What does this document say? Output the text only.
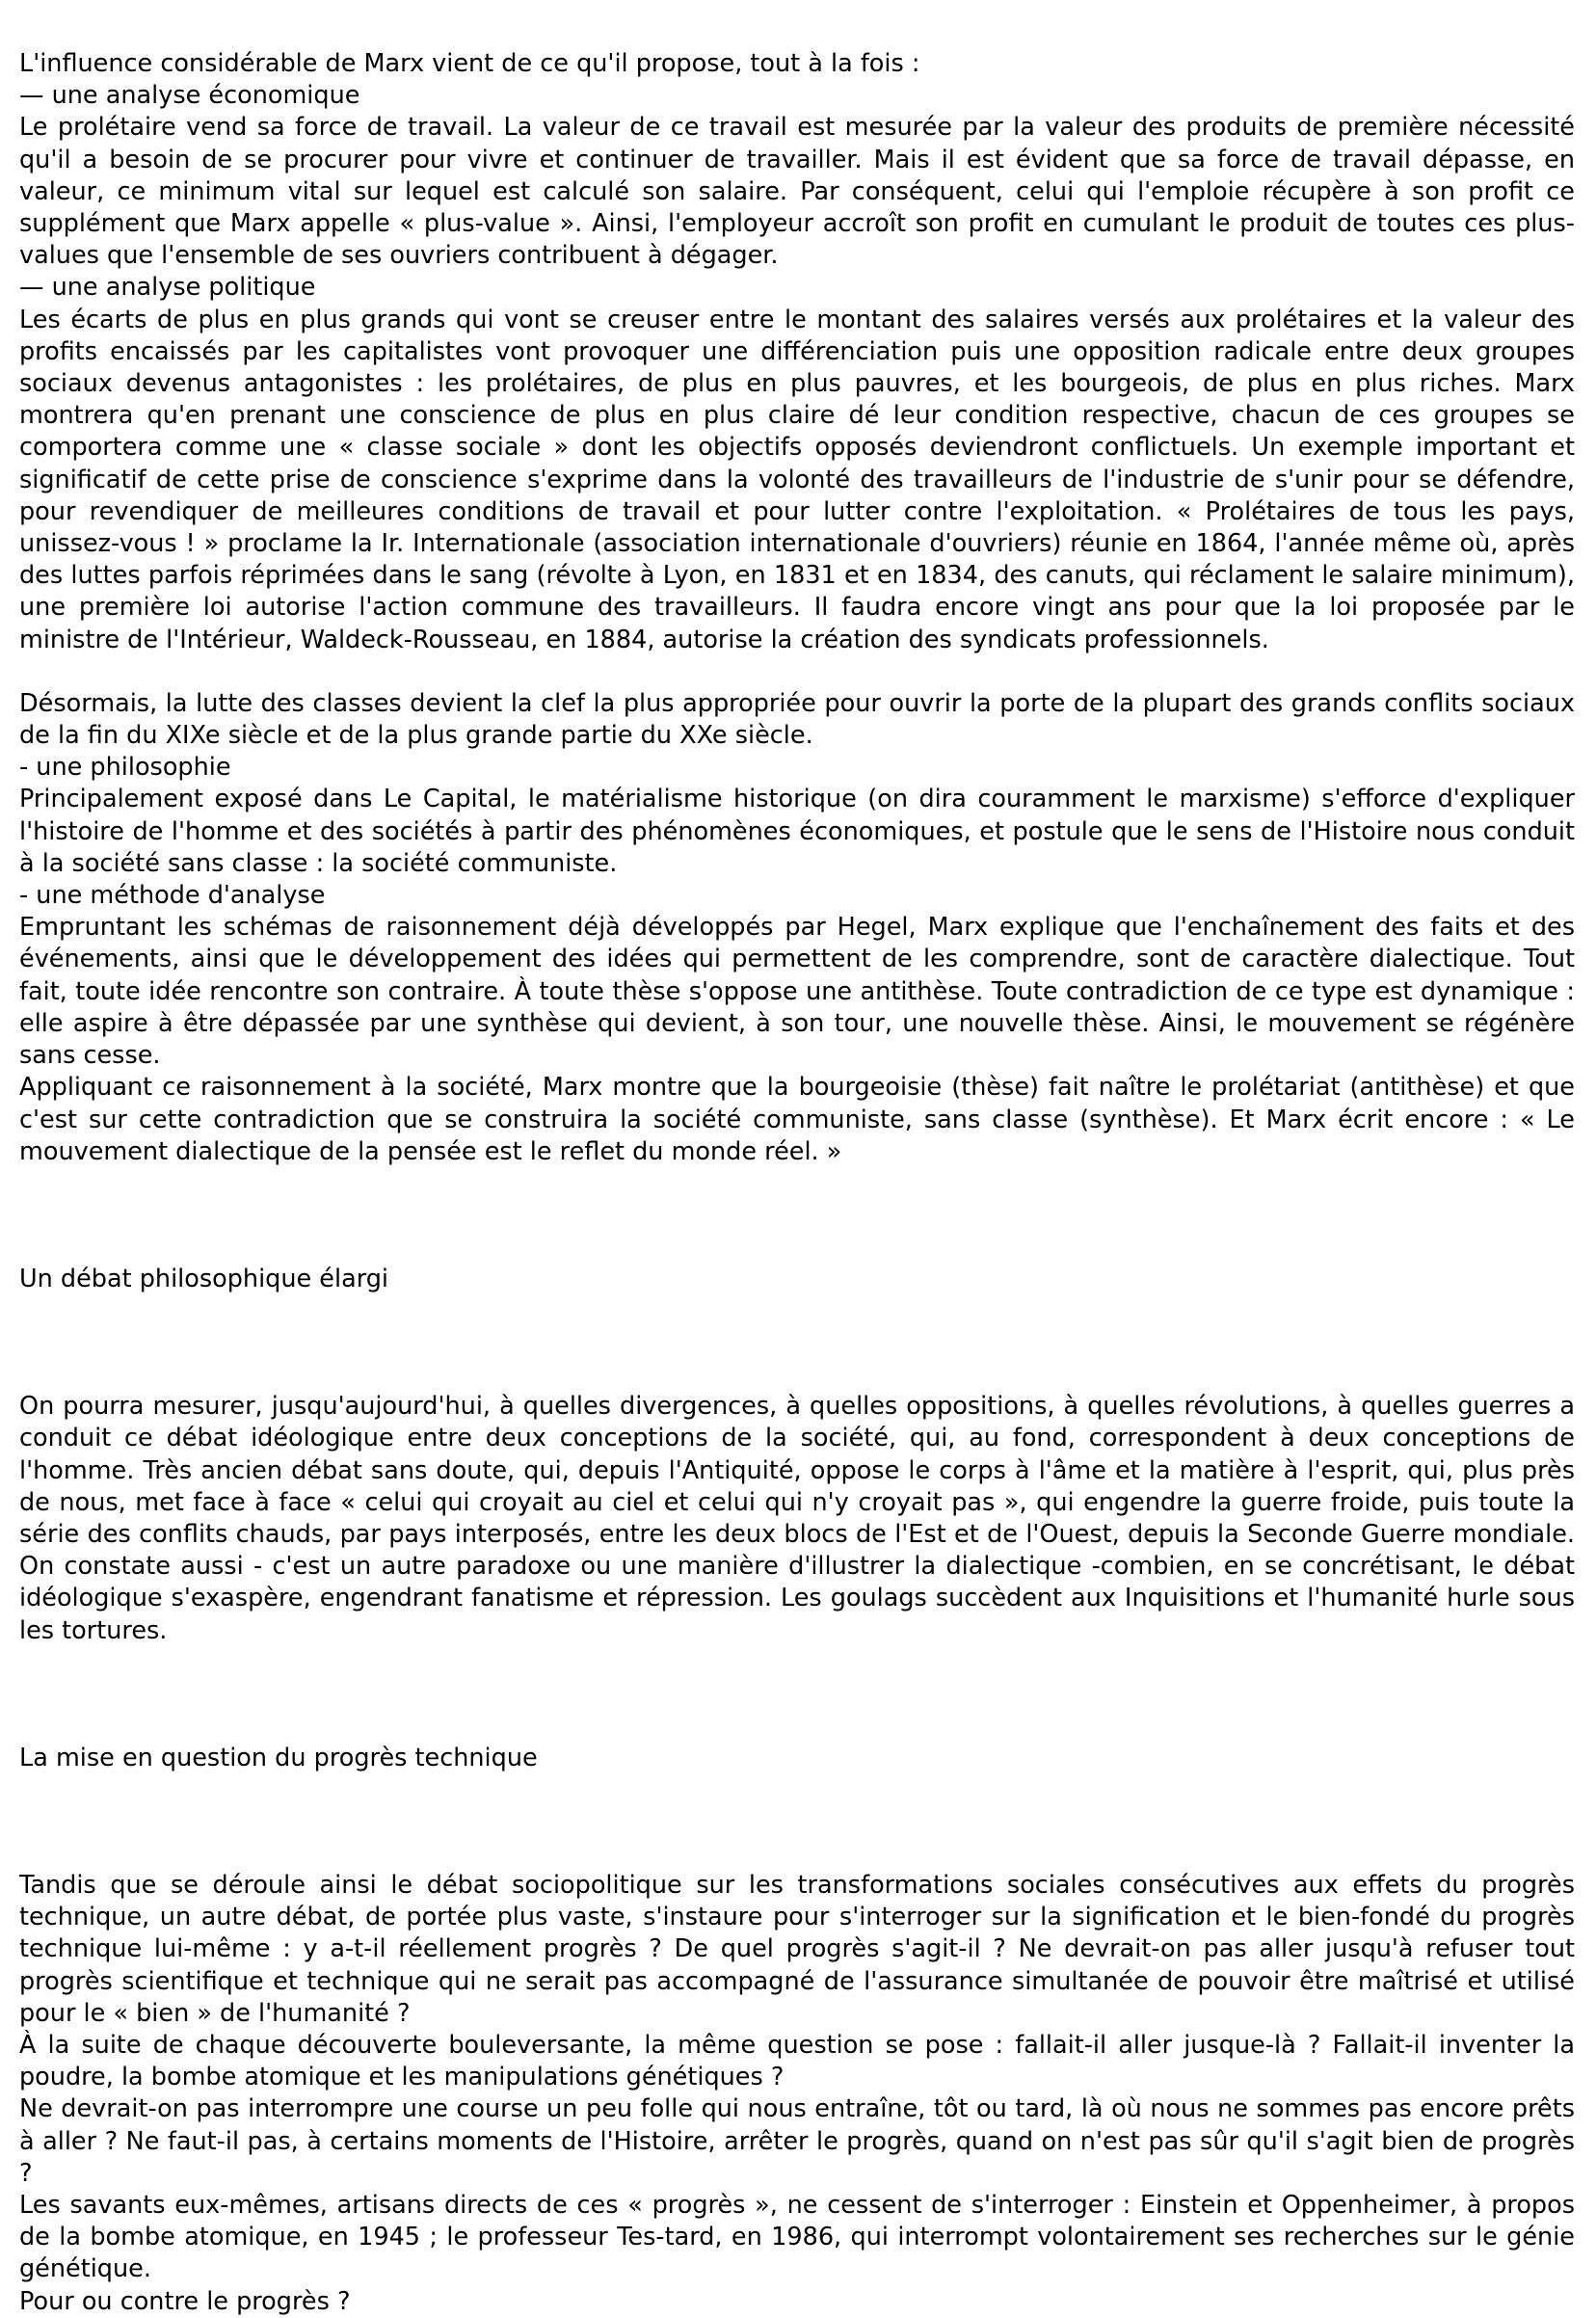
L'influence considérable de Marx vient de ce qu'il propose, tout à la fois :

— une analyse économique

Le prolétaire vend sa force de travail. La valeur de ce travail est mesurée par la valeur des produits de première nécessité qu'il a besoin de se procurer pour vivre et continuer de travailler. Mais il est évident que sa force de travail dépasse, en valeur, ce minimum vital sur lequel est calculé son salaire. Par conséquent, celui qui l'emploie récupère à son profit ce supplément que Marx appelle « plus-value ». Ainsi, l'employeur accroît son profit en cumulant le produit de toutes ces plus-values que l'ensemble de ses ouvriers contribuent à dégager.

— une analyse politique

Les écarts de plus en plus grands qui vont se creuser entre le montant des salaires versés aux prolétaires et la valeur des profits encaissés par les capitalistes vont provoquer une différenciation puis une opposition radicale entre deux groupes sociaux devenus antagonistes : les prolétaires, de plus en plus pauvres, et les bourgeois, de plus en plus riches. Marx montrera qu'en prenant une conscience de plus en plus claire dé leur condition respective, chacun de ces groupes se comportera comme une « classe sociale » dont les objectifs opposés deviendront conflictuels. Un exemple important et significatif de cette prise de conscience s'exprime dans la volonté des travailleurs de l'industrie de s'unir pour se défendre, pour revendiquer de meilleures conditions de travail et pour lutter contre l'exploitation. « Prolétaires de tous les pays, unissez-vous ! » proclame la Ir. Internationale (association internationale d'ouvriers) réunie en 1864, l'année même où, après des luttes parfois réprimées dans le sang (révolte à Lyon, en 1831 et en 1834, des canuts, qui réclament le salaire minimum), une première loi autorise l'action commune des travailleurs. Il faudra encore vingt ans pour que la loi proposée par le ministre de l'Intérieur, Waldeck-Rousseau, en 1884, autorise la création des syndicats professionnels.

Désormais, la lutte des classes devient la clef la plus appropriée pour ouvrir la porte de la plupart des grands conflits sociaux de la fin du XIXe siècle et de la plus grande partie du XXe siècle.

- une philosophie

Principalement exposé dans Le Capital, le matérialisme historique (on dira couramment le marxisme) s'efforce d'expliquer l'histoire de l'homme et des sociétés à partir des phénomènes économiques, et postule que le sens de l'Histoire nous conduit à la société sans classe : la société communiste.

- une méthode d'analyse

Empruntant les schémas de raisonnement déjà développés par Hegel, Marx explique que l'enchaînement des faits et des événements, ainsi que le développement des idées qui permettent de les comprendre, sont de caractère dialectique. Tout fait, toute idée rencontre son contraire. À toute thèse s'oppose une antithèse. Toute contradiction de ce type est dynamique : elle aspire à être dépassée par une synthèse qui devient, à son tour, une nouvelle thèse. Ainsi, le mouvement se régénère sans cesse.

Appliquant ce raisonnement à la société, Marx montre que la bourgeoisie (thèse) fait naître le prolétariat (antithèse) et que c'est sur cette contradiction que se construira la société communiste, sans classe (synthèse). Et Marx écrit encore : « Le mouvement dialectique de la pensée est le reflet du monde réel. »

Un débat philosophique élargi

On pourra mesurer, jusqu'aujourd'hui, à quelles divergences, à quelles oppositions, à quelles révolutions, à quelles guerres a conduit ce débat idéologique entre deux conceptions de la société, qui, au fond, correspondent à deux conceptions de l'homme. Très ancien débat sans doute, qui, depuis l'Antiquité, oppose le corps à l'âme et la matière à l'esprit, qui, plus près de nous, met face à face « celui qui croyait au ciel et celui qui n'y croyait pas », qui engendre la guerre froide, puis toute la série des conflits chauds, par pays interposés, entre les deux blocs de l'Est et de l'Ouest, depuis la Seconde Guerre mondiale. On constate aussi - c'est un autre paradoxe ou une manière d'illustrer la dialectique -combien, en se concrétisant, le débat idéologique s'exaspère, engendrant fanatisme et répression. Les goulags succèdent aux Inquisitions et l'humanité hurle sous les tortures.

La mise en question du progrès technique

Tandis que se déroule ainsi le débat sociopolitique sur les transformations sociales consécutives aux effets du progrès technique, un autre débat, de portée plus vaste, s'instaure pour s'interroger sur la signification et le bien-fondé du progrès technique lui-même : y a-t-il réellement progrès ? De quel progrès s'agit-il ? Ne devrait-on pas aller jusqu'à refuser tout progrès scientifique et technique qui ne serait pas accompagné de l'assurance simultanée de pouvoir être maîtrisé et utilisé pour le « bien » de l'humanité ?

À la suite de chaque découverte bouleversante, la même question se pose : fallait-il aller jusque-là ? Fallait-il inventer la poudre, la bombe atomique et les manipulations génétiques ?

Ne devrait-on pas interrompre une course un peu folle qui nous entraîne, tôt ou tard, là où nous ne sommes pas encore prêts à aller ? Ne faut-il pas, à certains moments de l'Histoire, arrêter le progrès, quand on n'est pas sûr qu'il s'agit bien de progrès ?

Les savants eux-mêmes, artisans directs de ces « progrès », ne cessent de s'interroger : Einstein et Oppenheimer, à propos de la bombe atomique, en 1945 ; le professeur Tes-tard, en 1986, qui interrompt volontairement ses recherches sur le génie génétique.

Pour ou contre le progrès ?
